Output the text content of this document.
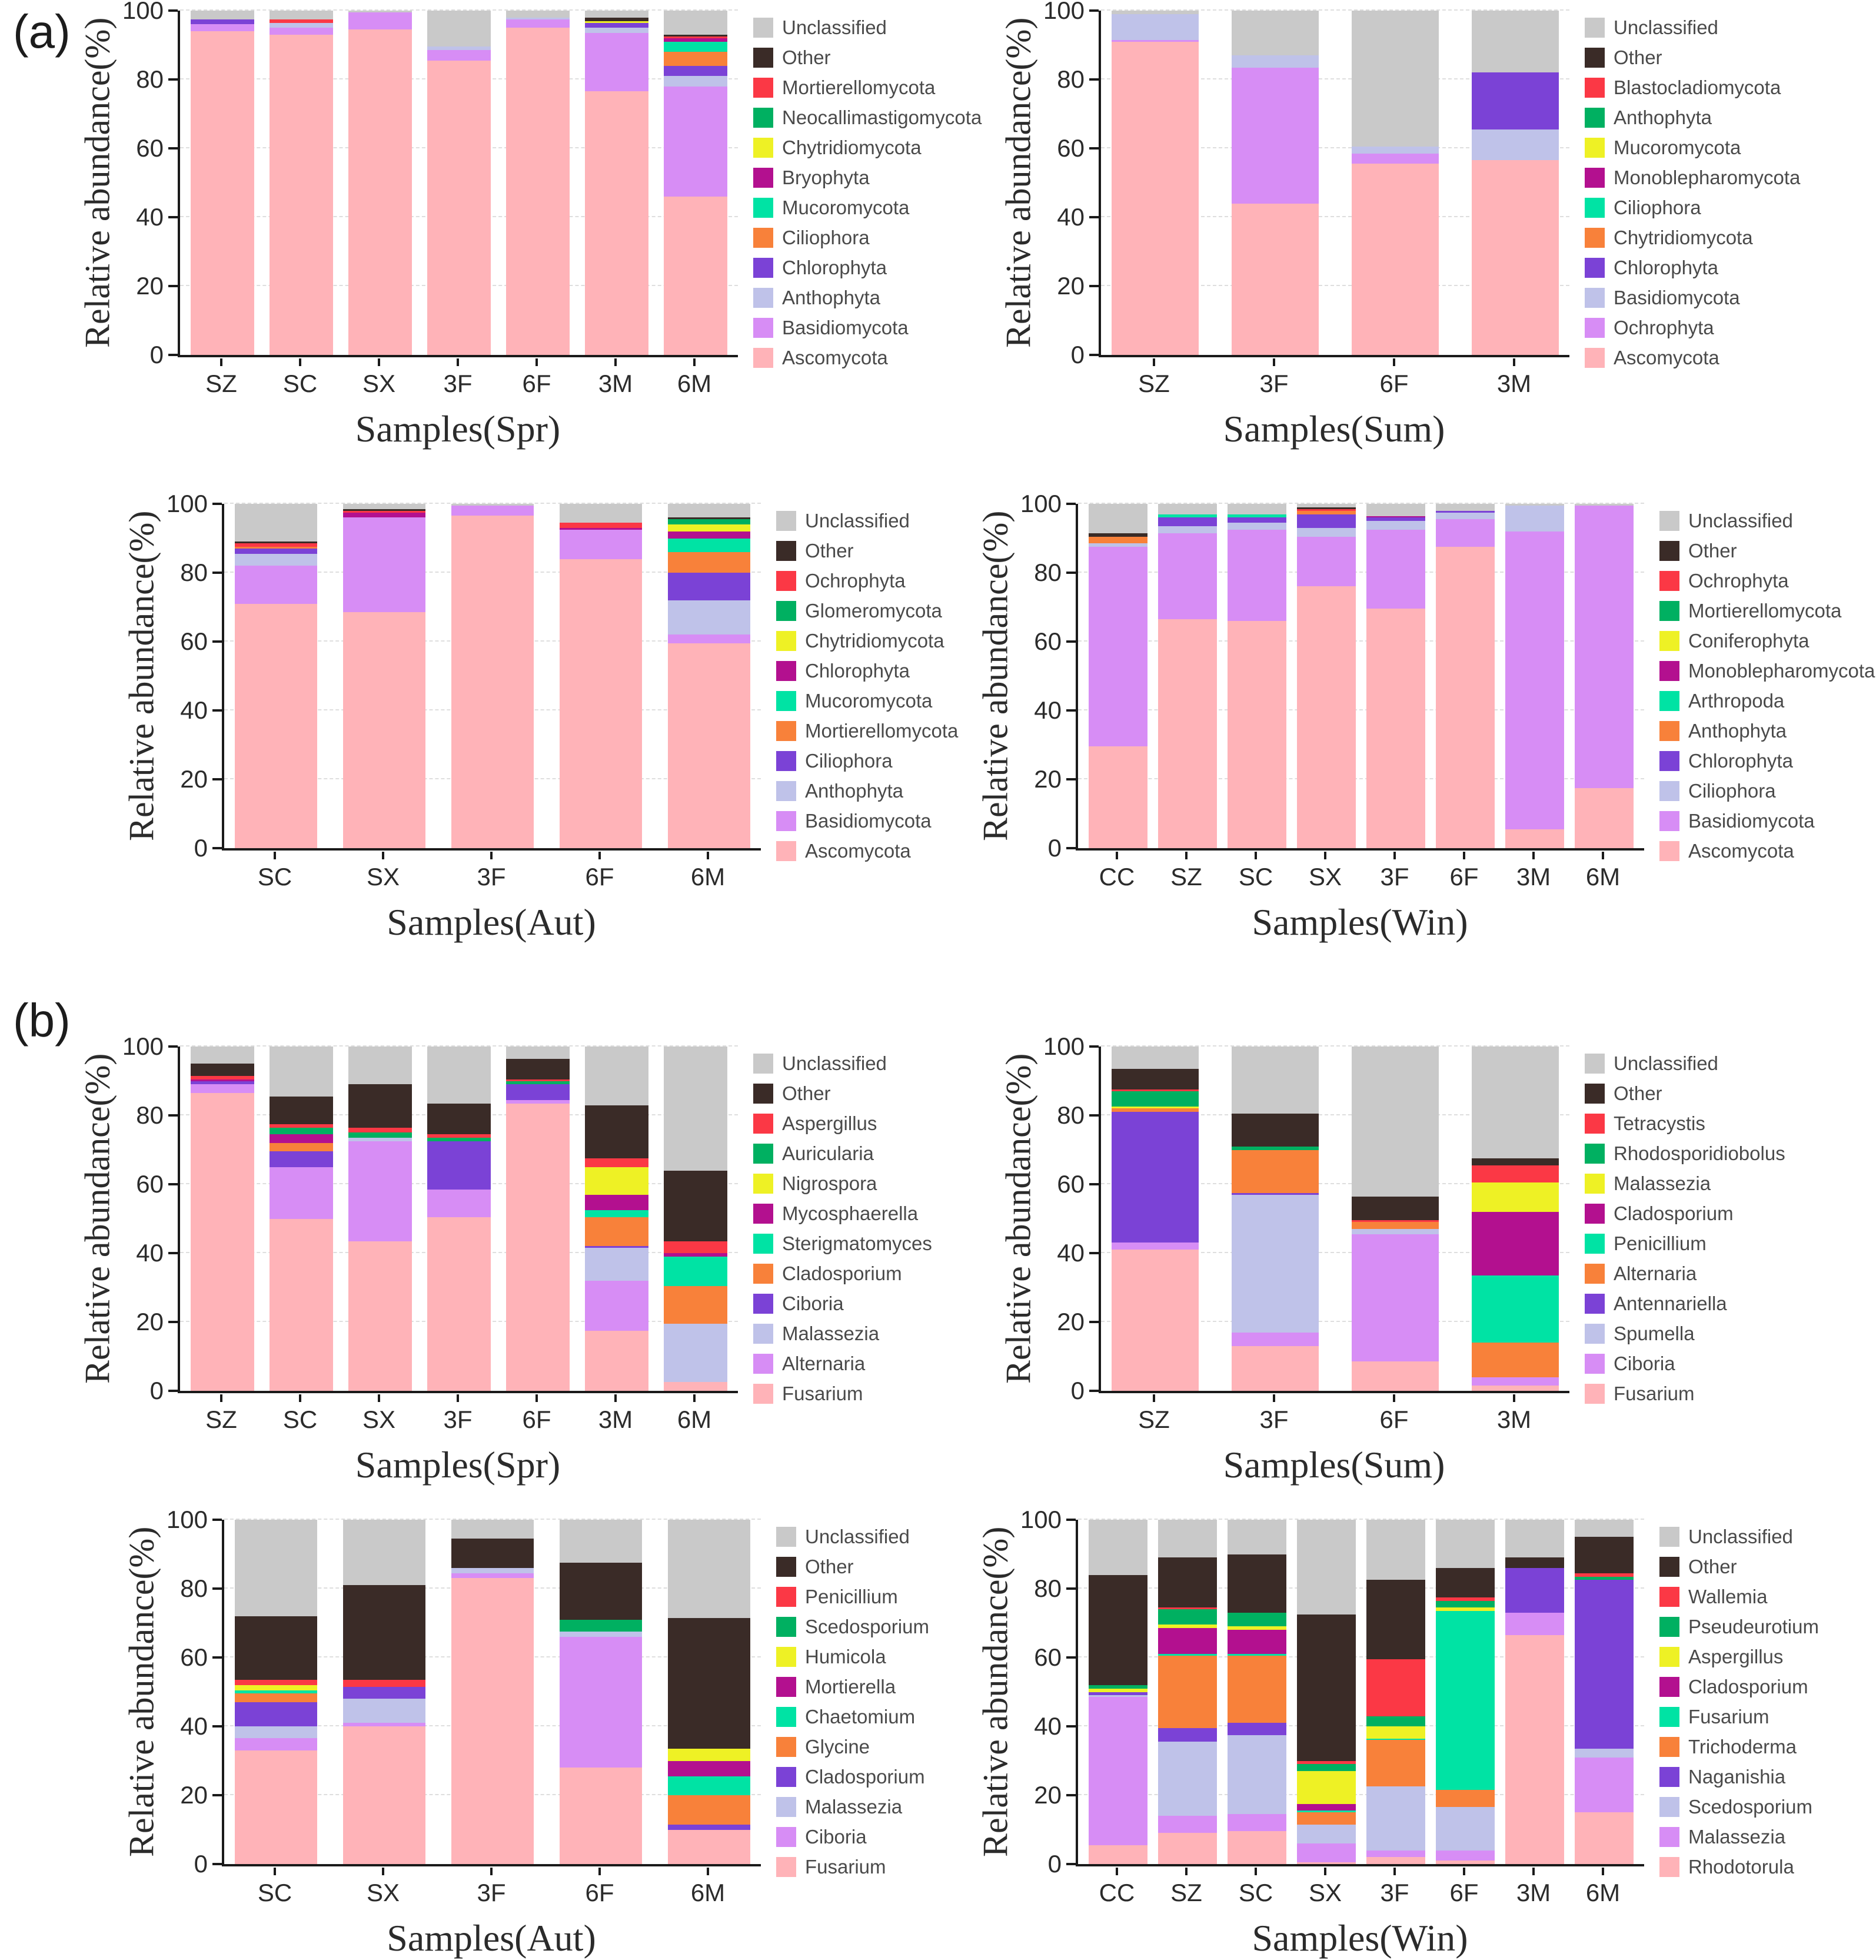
(a)
(b)
Relative abundance(%)
0
20
40
60
80
100
SZ	SC	SX	3F	6F	3M	6M
Samples(Spr)
Unclassified
Other
Mortierellomycota
Neocallimastigomycota
Chytridiomycota
Bryophyta
Mucoromycota
Ciliophora
Chlorophyta
Anthophyta
Basidiomycota
Ascomycota
Relative abundance(%)
0
20
40
60
80
100
SZ	3F	6F	3M
Samples(Sum)
Unclassified
Other
Blastocladiomycota
Anthophyta
Mucoromycota
Monoblepharomycota
Ciliophora
Chytridiomycota
Chlorophyta
Basidiomycota
Ochrophyta
Ascomycota
Relative abundance(%)
0
20
40
60
80
100
SC	SX	3F	6F	6M
Samples(Aut)
Unclassified
Other
Ochrophyta
Glomeromycota
Chytridiomycota
Chlorophyta
Mucoromycota
Mortierellomycota
Ciliophora
Anthophyta
Basidiomycota
Ascomycota
Relative abundance(%)
0
20
40
60
80
100
CC	SZ	SC	SX	3F	6F	3M	6M
Samples(Win)
Unclassified
Other
Ochrophyta
Mortierellomycota
Coniferophyta
Monoblepharomycota
Arthropoda
Anthophyta
Chlorophyta
Ciliophora
Basidiomycota
Ascomycota
Relative abundance(%)
0
20
40
60
80
100
SZ	SC	SX	3F	6F	3M	6M
Samples(Spr)
Unclassified
Other
Aspergillus
Auricularia
Nigrospora
Mycosphaerella
Sterigmatomyces
Cladosporium
Ciboria
Malassezia
Alternaria
Fusarium
Relative abundance(%)
0
20
40
60
80
100
SZ	3F	6F	3M
Samples(Sum)
Unclassified
Other
Tetracystis
Rhodosporidiobolus
Malassezia
Cladosporium
Penicillium
Alternaria
Antennariella
Spumella
Ciboria
Fusarium
Relative abundance(%)
0
20
40
60
80
100
SC	SX	3F	6F	6M
Samples(Aut)
Unclassified
Other
Penicillium
Scedosporium
Humicola
Mortierella
Chaetomium
Glycine
Cladosporium
Malassezia
Ciboria
Fusarium
Relative abundance(%)
0
20
40
60
80
100
CC	SZ	SC	SX	3F	6F	3M	6M
Samples(Win)
Unclassified
Other
Wallemia
Pseudeurotium
Aspergillus
Cladosporium
Fusarium
Trichoderma
Naganishia
Scedosporium
Malassezia
Rhodotorula
